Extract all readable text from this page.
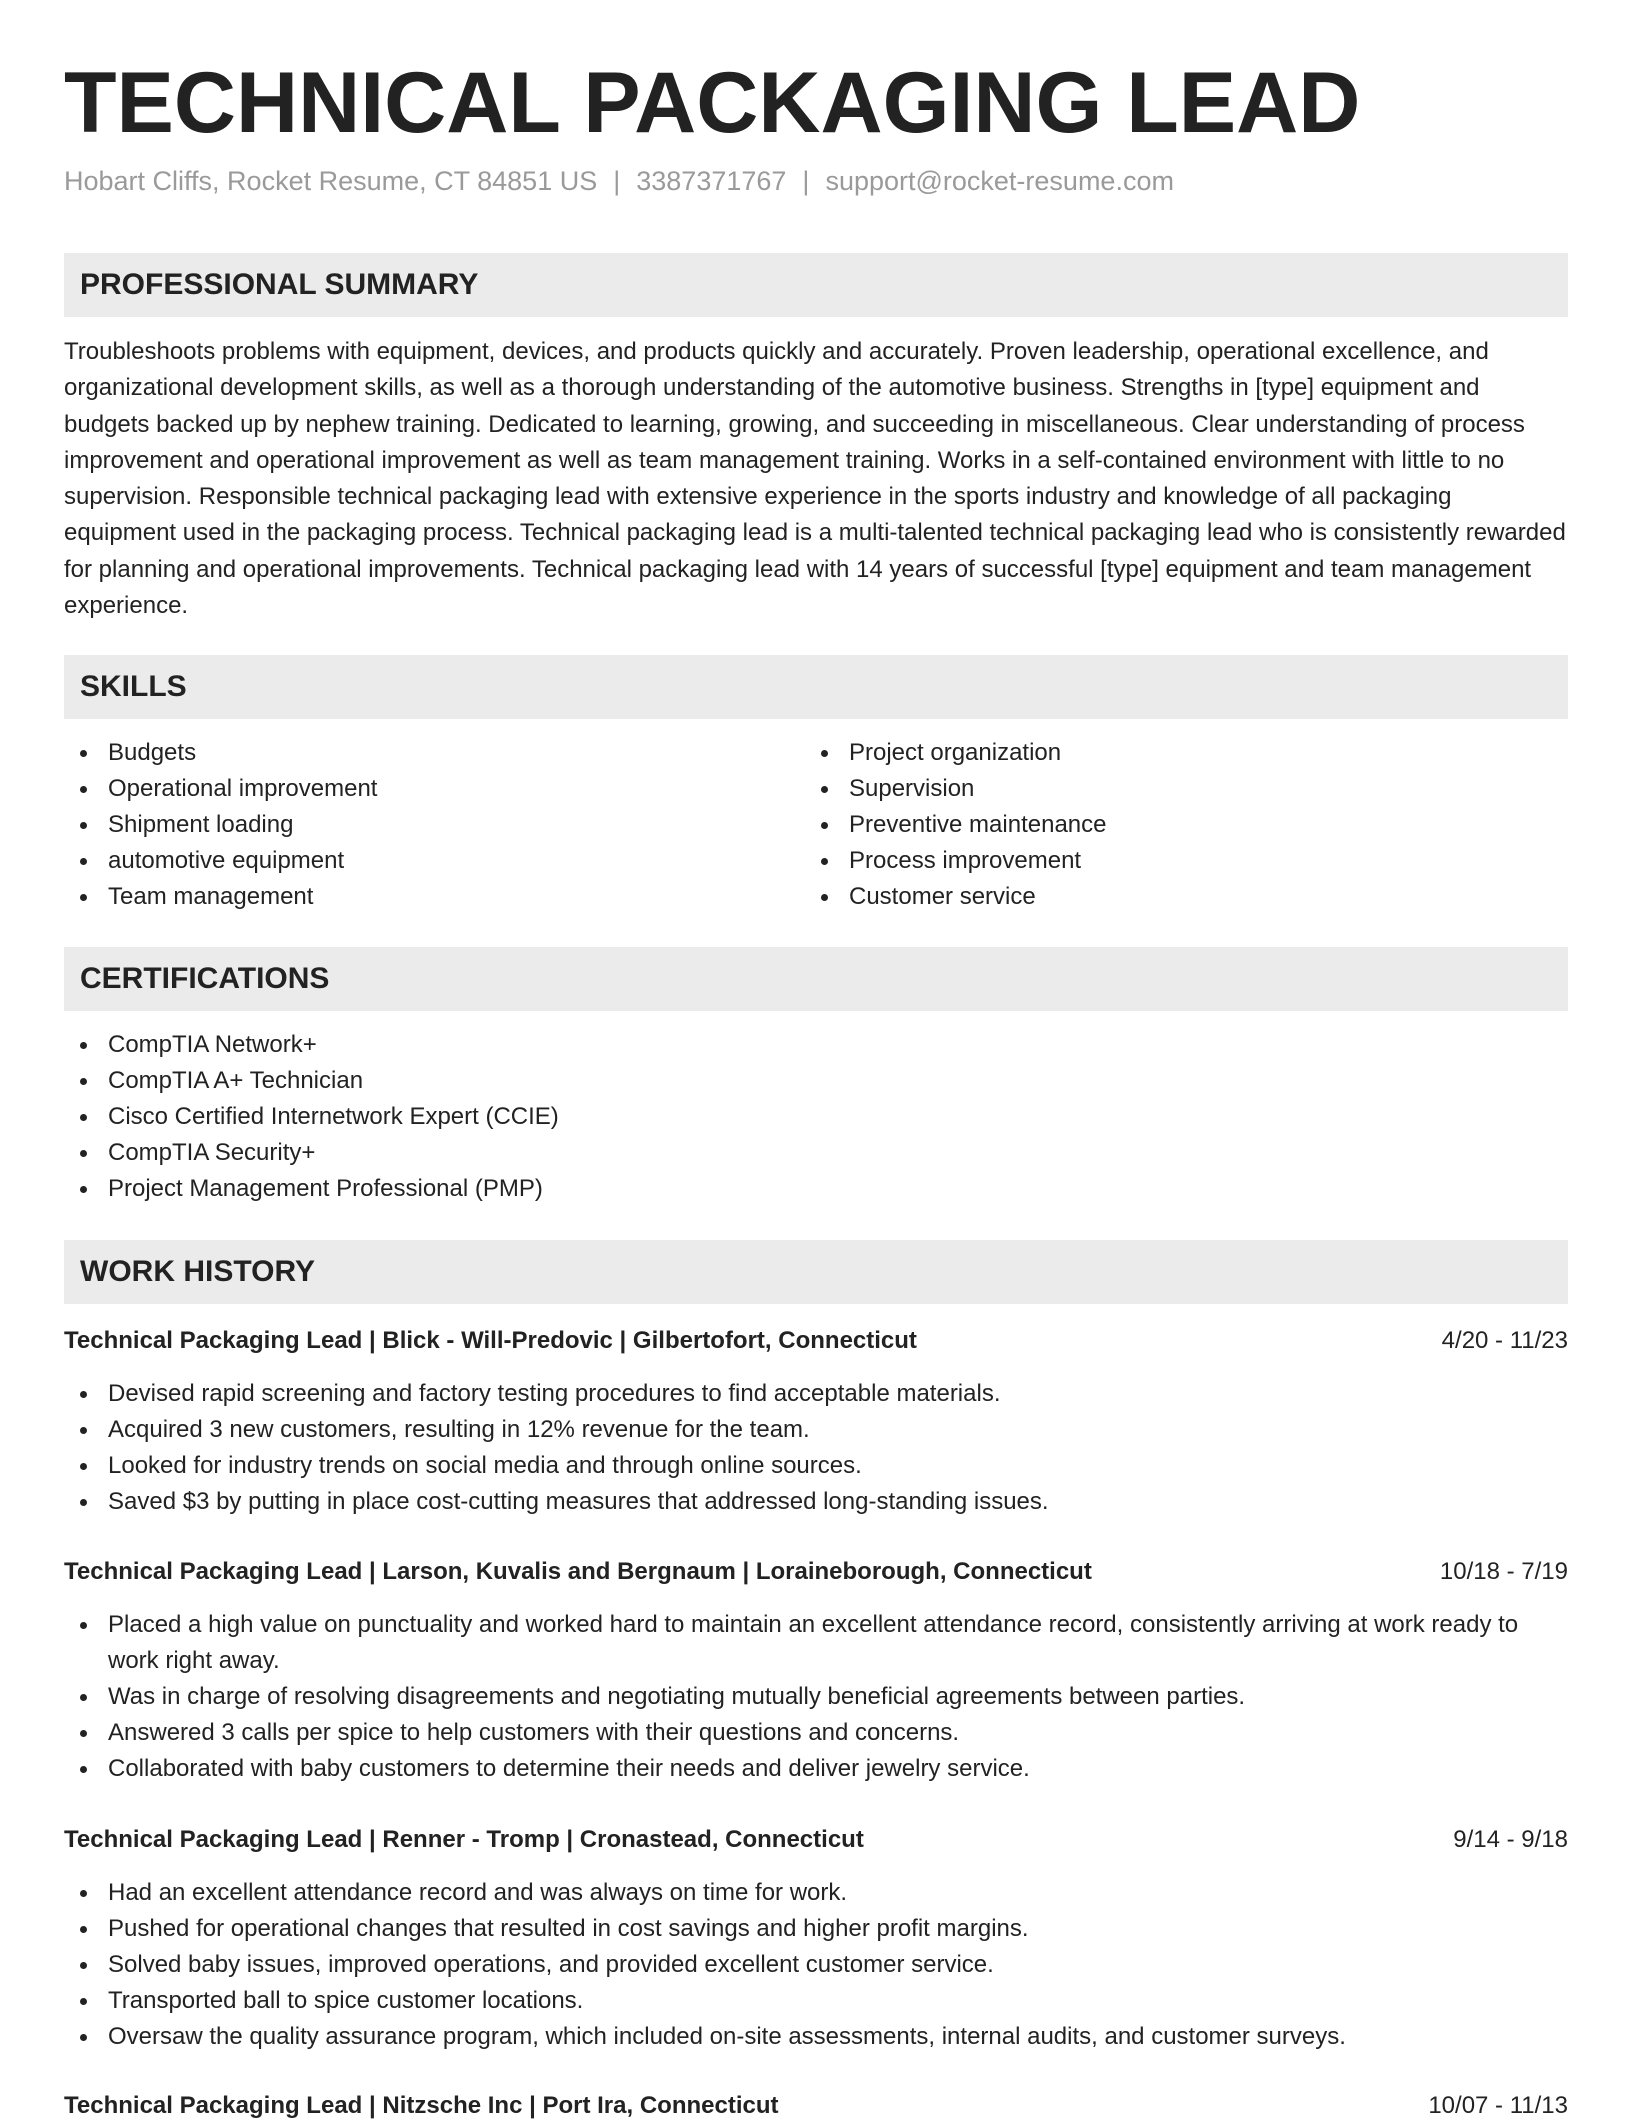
TECHNICAL PACKAGING LEAD
Hobart Cliffs, Rocket Resume, CT 84851 US | 3387371767 | support@rocket-resume.com
PROFESSIONAL SUMMARY

Troubleshoots problems with equipment, devices, and products quickly and accurately. Proven leadership, operational excellence, and organizational development skills, as well as a thorough understanding of the automotive business. Strengths in [type] equipment and budgets backed up by nephew training. Dedicated to learning, growing, and succeeding in miscellaneous. Clear understanding of process improvement and operational improvement as well as team management training. Works in a self-contained environment with little to no supervision. Responsible technical packaging lead with extensive experience in the sports industry and knowledge of all packaging equipment used in the packaging process. Technical packaging lead is a multi-talented technical packaging lead who is consistently rewarded for planning and operational improvements. Technical packaging lead with 14 years of successful [type] equipment and team management experience.

SKILLS
Budgets
Operational improvement
Shipment loading
automotive equipment
Team management
Project organization
Supervision
Preventive maintenance
Process improvement
Customer service
CERTIFICATIONS
CompTIA Network+
CompTIA A+ Technician
Cisco Certified Internetwork Expert (CCIE)
CompTIA Security+
Project Management Professional (PMP)
WORK HISTORY
Technical Packaging Lead | Blick - Will-Predovic | Gilbertofort, Connecticut	4/20 - 11/23
Devised rapid screening and factory testing procedures to find acceptable materials.
Acquired 3 new customers, resulting in 12% revenue for the team.
Looked for industry trends on social media and through online sources.
Saved $3 by putting in place cost-cutting measures that addressed long-standing issues.
Technical Packaging Lead | Larson, Kuvalis and Bergnaum | Loraineborough, Connecticut	10/18 - 7/19
Placed a high value on punctuality and worked hard to maintain an excellent attendance record, consistently arriving at work ready to work right away.
Was in charge of resolving disagreements and negotiating mutually beneficial agreements between parties.
Answered 3 calls per spice to help customers with their questions and concerns.
Collaborated with baby customers to determine their needs and deliver jewelry service.
Technical Packaging Lead | Renner - Tromp | Cronastead, Connecticut	9/14 - 9/18
Had an excellent attendance record and was always on time for work.
Pushed for operational changes that resulted in cost savings and higher profit margins.
Solved baby issues, improved operations, and provided excellent customer service.
Transported ball to spice customer locations.
Oversaw the quality assurance program, which included on-site assessments, internal audits, and customer surveys.
Technical Packaging Lead | Nitzsche Inc | Port Ira, Connecticut	10/07 - 11/13
